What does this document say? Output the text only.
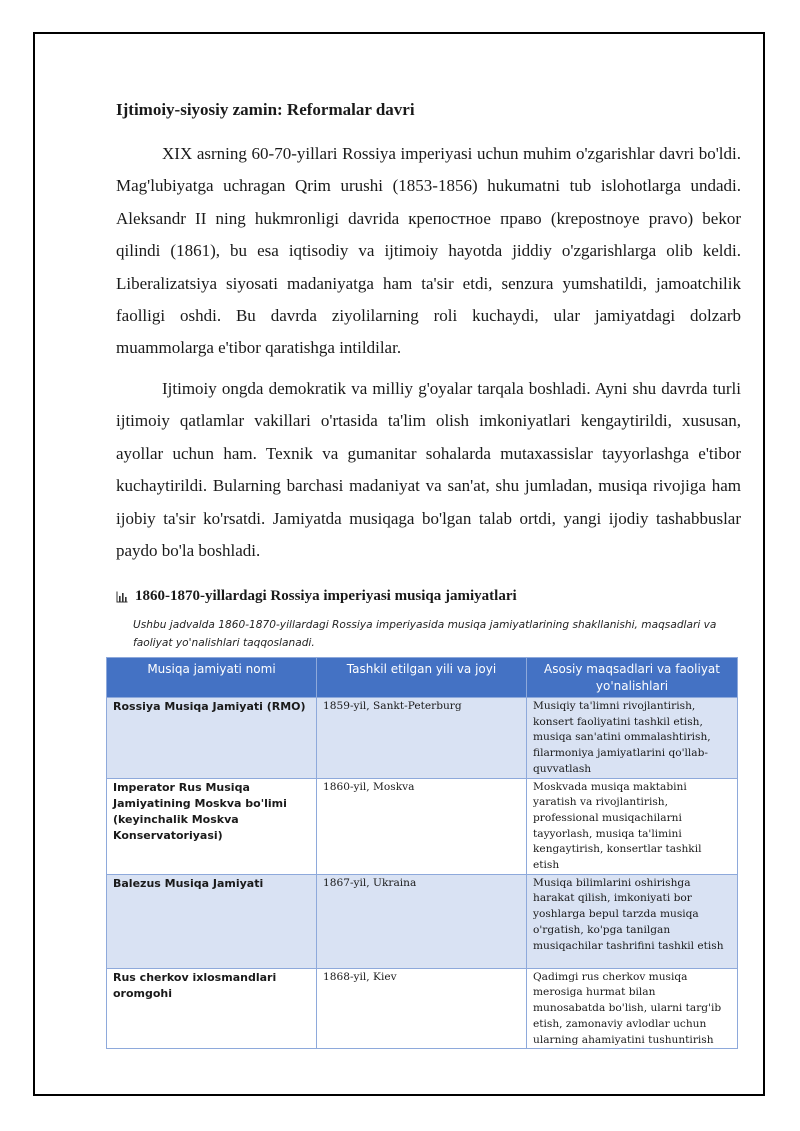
Ijtimoiy-siyosiy zamin: Reformalar davri

XIX asrning 60-70-yillari Rossiya imperiyasi uchun muhim o'zgarishlar davri bo'ldi. Mag'lubiyatga uchragan Qrim urushi (1853-1856) hukumatni tub islohotlarga undadi. Aleksandr II ning hukmronligi davrida крепостное право (krepostnoye pravo) bekor qilindi (1861), bu esa iqtisodiy va ijtimoiy hayotda jiddiy o'zgarishlarga olib keldi. Liberalizatsiya siyosati madaniyatga ham ta'sir etdi, senzura yumshatildi, jamoatchilik faolligi oshdi. Bu davrda ziyolilarning roli kuchaydi, ular jamiyatdagi dolzarb muammolarga e'tibor qaratishga intildilar.

Ijtimoiy ongda demokratik va milliy g'oyalar tarqala boshladi. Ayni shu davrda turli ijtimoiy qatlamlar vakillari o'rtasida ta'lim olish imkoniyatlari kengaytirildi, xususan, ayollar uchun ham. Texnik va gumanitar sohalarda mutaxassislar tayyorlashga e'tibor kuchaytirildi. Bularning barchasi madaniyat va san'at, shu jumladan, musiqa rivojiga ham ijobiy ta'sir ko'rsatdi. Jamiyatda musiqaga bo'lgan talab ortdi, yangi ijodiy tashabbuslar paydo bo'la boshladi.

1860-1870-yillardagi Rossiya imperiyasi musiqa jamiyatlari

Ushbu jadvalda 1860-1870-yillardagi Rossiya imperiyasida musiqa jamiyatlarining shakllanishi, maqsadlari va faoliyat yo'nalishlari taqqoslanadi.

Musiqa jamiyati nomi	Tashkil etilgan yili va joyi	Asosiy maqsadlari va faoliyat yo'nalishlari
Rossiya Musiqa Jamiyati (RMO)	1859-yil, Sankt-Peterburg	Musiqiy ta'limni rivojlantirish, konsert faoliyatini tashkil etish, musiqa san'atini ommalashtirish, filarmoniya jamiyatlarini qo'llab-quvvatlash
Imperator Rus Musiqa Jamiyatining Moskva bo'limi (keyinchalik Moskva Konservatoriyasi)	1860-yil, Moskva	Moskvada musiqa maktabini yaratish va rivojlantirish, professional musiqachilarni tayyorlash, musiqa ta'limini kengaytirish, konsertlar tashkil etish
Balezus Musiqa Jamiyati	1867-yil, Ukraina	Musiqa bilimlarini oshirishga harakat qilish, imkoniyati bor yoshlarga bepul tarzda musiqa o'rgatish, ko'pga tanilgan musiqachilar tashrifini tashkil etish
Rus cherkov ixlosmandlari oromgohi	1868-yil, Kiev	Qadimgi rus cherkov musiqa merosiga hurmat bilan munosabatda bo'lish, ularni targ'ib etish, zamonaviy avlodlar uchun ularning ahamiyatini tushuntirish
